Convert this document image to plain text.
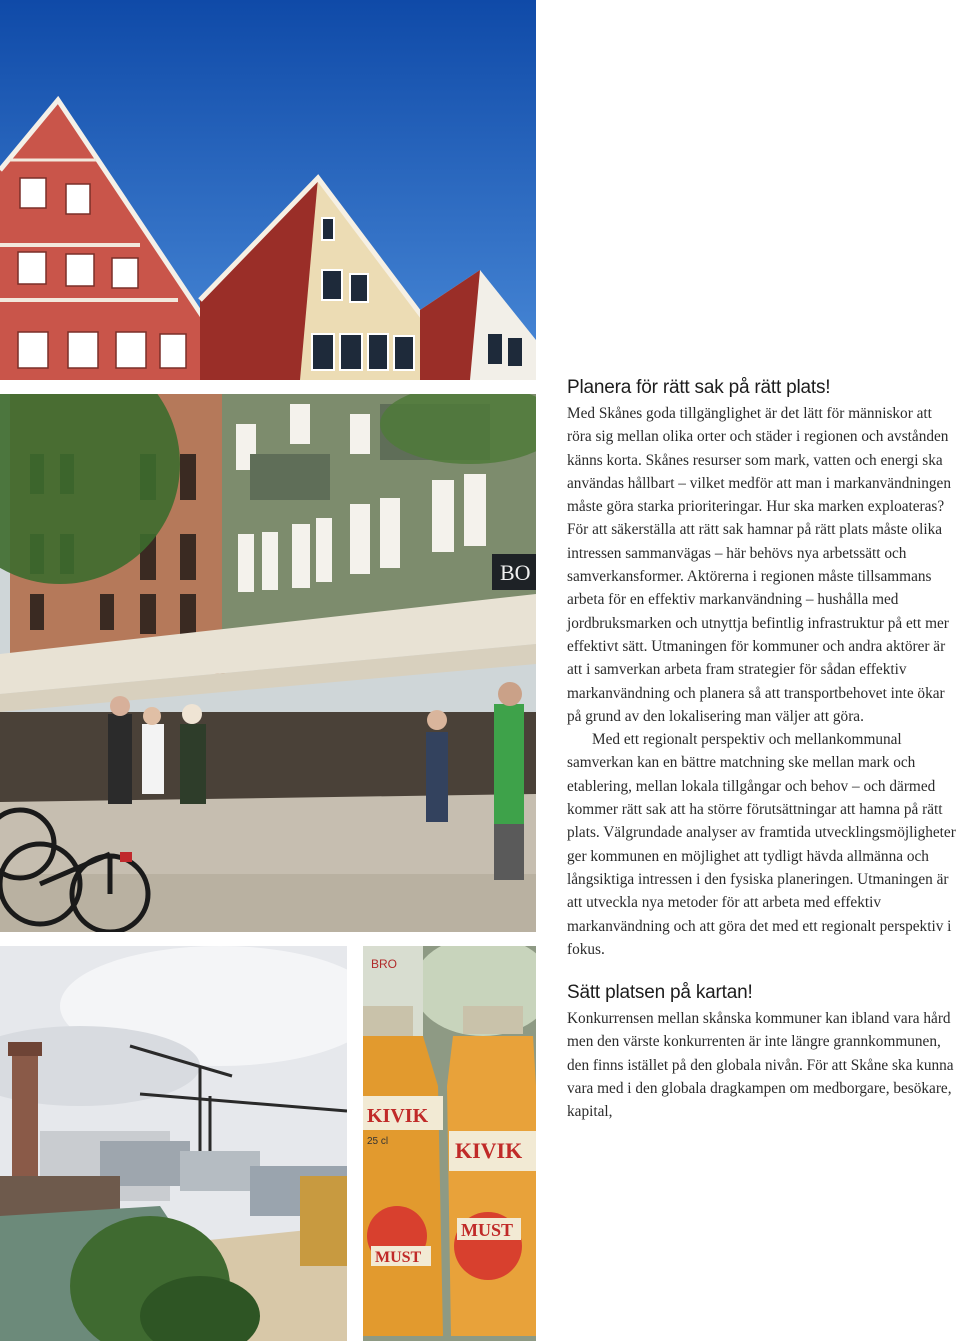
BO
BRO
KIVIK
25 cl
MUST
KIVIK
MUST
Planera för rätt sak på rätt plats!

Med Skånes goda tillgänglighet är det lätt för människor att röra sig mellan olika orter och städer i regionen och avstånden känns korta. Skånes resurser som mark, vatten och energi ska användas hållbart – vilket medför att man i markanvändningen måste göra starka prioriteringar. Hur ska marken exploateras? För att säkerställa att rätt sak hamnar på rätt plats måste olika intressen sammanvägas – här behövs nya arbetssätt och samverkansformer. Aktörerna i regionen måste tillsammans arbeta för en effektiv markanvändning – hushålla med jordbruksmarken och utnyttja befintlig infrastruktur på ett mer effektivt sätt. Utmaningen för kommuner och andra aktörer är att i samverkan arbeta fram strategier för sådan effektiv markanvändning och planera så att transportbehovet inte ökar på grund av den lokalisering man väljer att göra.

Med ett regionalt perspektiv och mellankommunal samverkan kan en bättre matchning ske mellan mark och etablering, mellan lokala tillgångar och behov – och därmed kommer rätt sak att ha större förutsättningar att hamna på rätt plats. Välgrundade analyser av framtida utvecklingsmöjligheter ger kommunen en möjlighet att tydligt hävda allmänna och långsiktiga intressen i den fysiska planeringen. Utmaningen är att utveckla nya metoder för att arbeta med effektiv markanvändning och att göra det med ett regionalt perspektiv i fokus.

Sätt platsen på kartan!

Konkurrensen mellan skånska kommuner kan ibland vara hård men den värste konkurrenten är inte längre grannkommunen, den finns istället på den globala nivån. För att Skåne ska kunna vara med i den globala dragkampen om medborgare, besökare, kapital,
